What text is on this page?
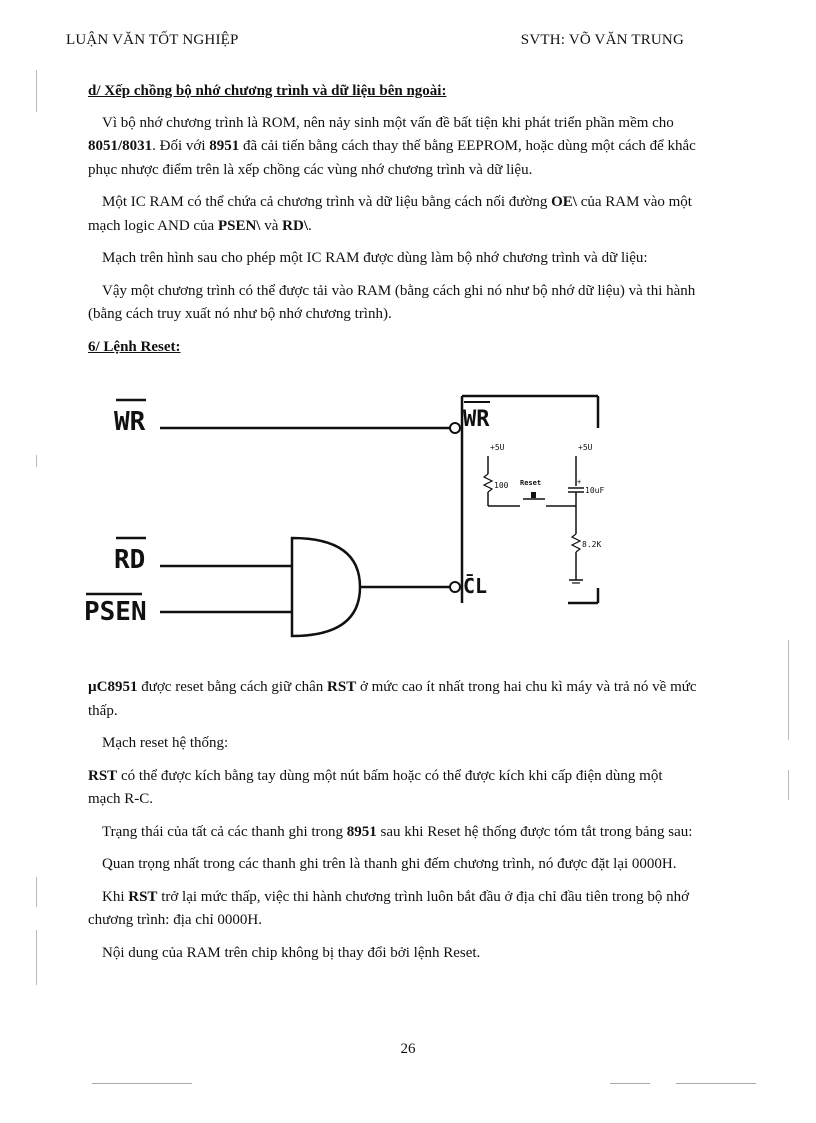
LUẬN VĂN TỐT NGHIỆP	SVTH: VÕ VĂN TRUNG
d/ Xếp chồng bộ nhớ chương trình và dữ liệu bên ngoài:

Vì bộ nhớ chương trình là ROM, nên nảy sinh một vấn đề bất tiện khi phát triển phần mềm cho 8051/8031. Đối với 8951 đã cải tiến bằng cách thay thế bằng EEPROM, hoặc dùng một cách để khắc phục nhược điểm trên là xếp chồng các vùng nhớ chương trình và dữ liệu.

Một IC RAM có thể chứa cả chương trình và dữ liệu bằng cách nối đường OE\ của RAM vào một mạch logic AND của PSEN\ và RD\.

Mạch trên hình sau cho phép một IC RAM được dùng làm bộ nhớ chương trình và dữ liệu:

Vậy một chương trình có thể được tải vào RAM (bằng cách ghi nó như bộ nhớ dữ liệu) và thi hành (bằng cách truy xuất nó như bộ nhớ chương trình).

6/ Lệnh Reset:
WR
RD
PSEN
WR
C̄L
+5U	+5U
100 Reset	+
10uF
8.2K

µC8951 được reset bằng cách giữ chân RST ở mức cao ít nhất trong hai chu kì máy và trả nó về mức thấp.

Mạch reset hệ thống:

RST có thể được kích bằng tay dùng một nút bấm hoặc có thể được kích khi cấp điện dùng một mạch R-C.

Trạng thái của tất cả các thanh ghi trong 8951 sau khi Reset hệ thống được tóm tắt trong bảng sau:

Quan trọng nhất trong các thanh ghi trên là thanh ghi đếm chương trình, nó được đặt lại 0000H.

Khi RST trở lại mức thấp, việc thi hành chương trình luôn bắt đầu ở địa chỉ đầu tiên trong bộ nhớ chương trình: địa chỉ 0000H.

Nội dung của RAM trên chip không bị thay đổi bởi lệnh Reset.

26
